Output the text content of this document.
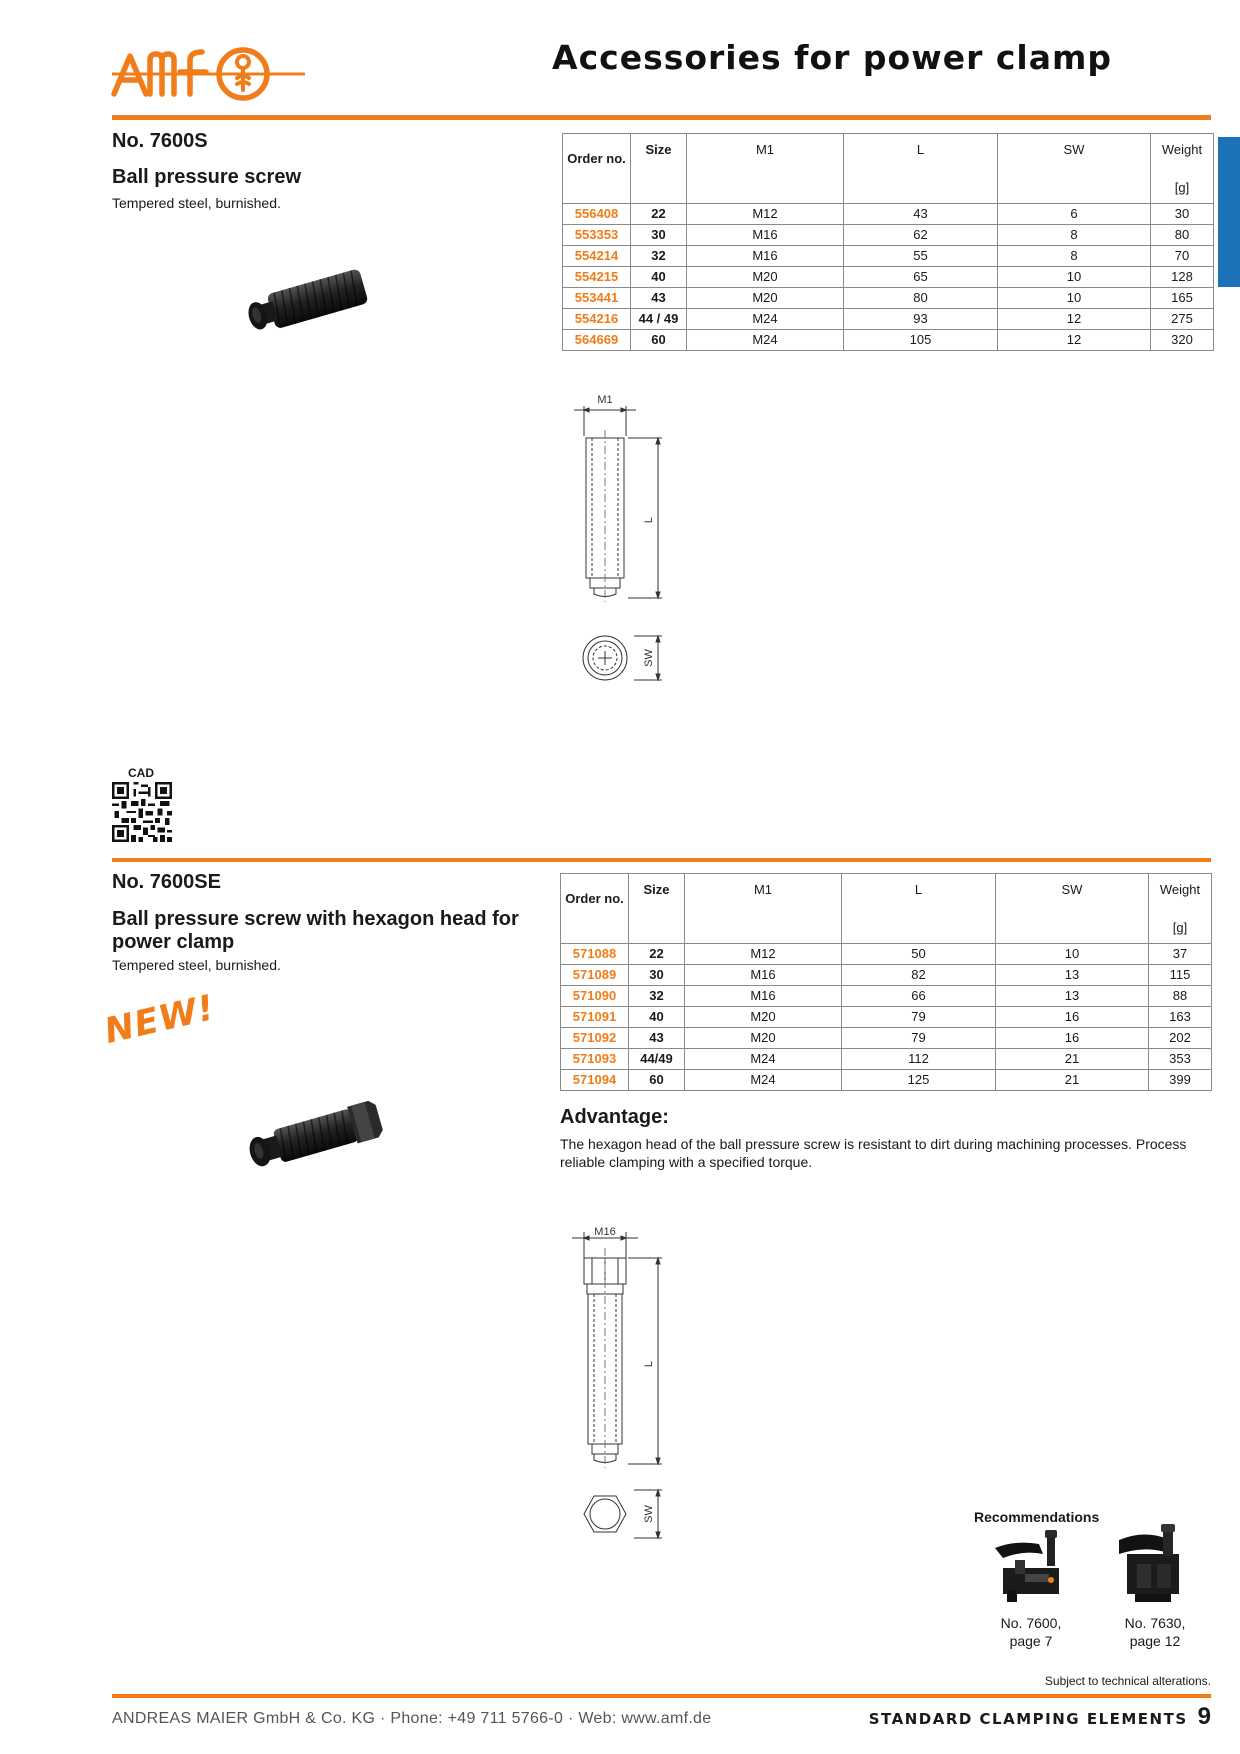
Accessories for power clamp
No. 7600S
Ball pressure screw
Tempered steel, burnished.
Order no.	Size	M1	L	SW	Weight
[g]

556408	22	M12	43	6	30
553353	30	M16	62	8	80
554214	32	M16	55	8	70
554215	40	M20	65	10	128
553441	43	M20	80	10	165
554216	44 / 49	M24	93	12	275
564669	60	M24	105	12	320
M1
L
SW
CAD
No. 7600SE
Ball pressure screw with hexagon head for power clamp
Tempered steel, burnished.
NEW!
Order no.	Size	M1	L	SW	Weight
[g]

571088	22	M12	50	10	37
571089	30	M16	82	13	115
571090	32	M16	66	13	88
571091	40	M20	79	16	163
571092	43	M20	79	16	202
571093	44/49	M24	112	21	353
571094	60	M24	125	21	399
Advantage:
The hexagon head of the ball pressure screw is resistant to dirt during machining processes. Process reliable clamping with a specified torque.
M16
L
SW	Recommendations
No. 7600,
page 7
No. 7630,
page 12
Subject to technical alterations.
ANDREAS MAIER GmbH & Co. KG · Phone: +49 711 5766-0 · Web: www.amf.de	STANDARD CLAMPING ELEMENTS 9
